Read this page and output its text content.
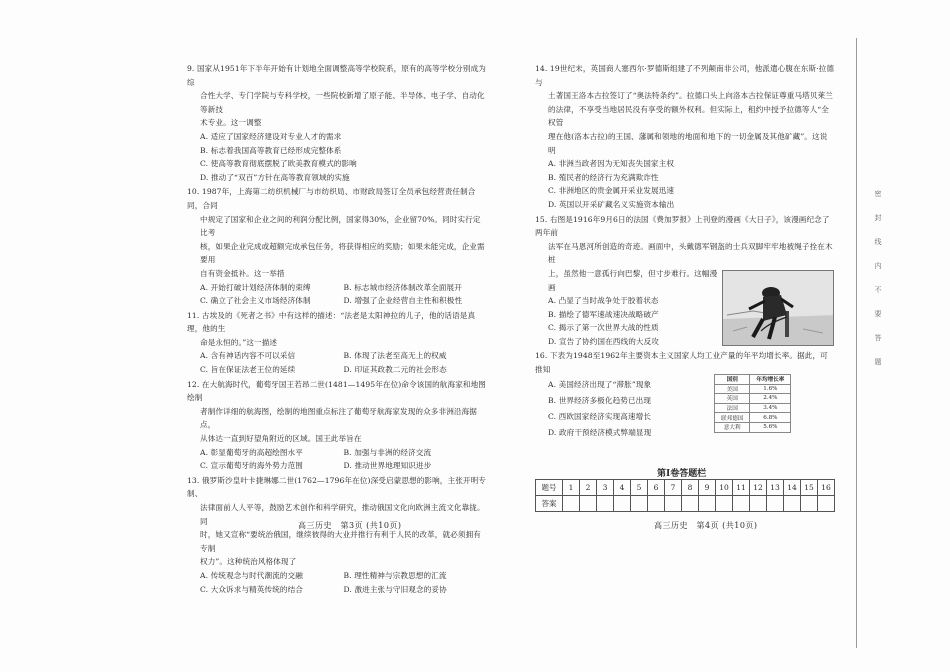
9. 国家从1951年下半年开始有计划地全面调整高等学校院系，原有的高等学校分别成为综
合性大学、专门学院与专科学校，一些院校新增了原子能、半导体、电子学、自动化等新技
术专业。这一调整
A. 适应了国家经济建设对专业人才的需求
B. 标志着我国高等教育已经形成完整体系
C. 使高等教育彻底摆脱了欧美教育模式的影响
D. 推动了“双百”方针在高等教育领域的实施
10. 1987年，上海第二纺织机械厂与市纺织局、市财政局签订全员承包经营责任制合同，合同
中规定了国家和企业之间的利润分配比例，国家得30%，企业留70%。同时实行定比考
核，如果企业完成或超额完成承包任务，将获得相应的奖励；如果未能完成，企业需要用
自有资金抵补。这一举措
A. 开始打破计划经济体制的束缚	B. 标志城市经济体制改革全面展开
C. 确立了社会主义市场经济体制	D. 增强了企业经营自主性和积极性
11. 古埃及的《死者之书》中有这样的描述：“法老是太阳神拉的儿子，他的话语是真理，他的生
命是永恒的。”这一描述
A. 含有神话内容不可以采信	B. 体现了法老至高无上的权威
C. 旨在保证法老王位的延续	D. 印证其政教二元的社会形态
12. 在大航海时代，葡萄牙国王若昂二世(1481—1495年在位)命令该国的航海家和地图绘制
者制作详细的航海图，绘制的地图重点标注了葡萄牙航海家发现的众多非洲沿海据点，
从体达一直到好望角附近的区域。国王此举旨在
A. 彰显葡萄牙的高超绘图水平	B. 加强与非洲的经济交流
C. 宣示葡萄牙的海外势力范围	D. 推动世界地理知识进步
13. 俄罗斯沙皇叶卡捷琳娜二世(1762—1796年在位)深受启蒙思想的影响，主张开明专制、
法律面前人人平等，鼓励艺术创作和科学研究，推动俄国文化向欧洲主流文化靠拢。同
时，她又宣称“要统治俄国，继续彼得的大业并推行有利于人民的改革，就必须拥有专制
权力”。这种统治风格体现了
A. 传统观念与时代潮流的交融	B. 理性精神与宗教思想的汇流
C. 大众诉求与精英传统的结合	D. 激进主张与守旧观念的妥协
高三历史　第3页 (共10页)
14. 19世纪末，英国商人塞西尔·罗德斯组建了不列颠南非公司，他派遣心腹在东斯·拉德与
土著国王洛本古拉签订了“奥法特条约”。拉德口头上向洛本古拉保证尊重马塔贝莱兰
的法律，不享受当地居民没有享受的额外权利。但实际上，租约中授予拉德等人“全权管
理在他(洛本古拉)的王国、藩属和领地的地面和地下的一切金属及其他矿藏”。这说明
A. 非洲当政者因为无知丧失国家主权
B. 殖民者的经济行为充满欺诈性
C. 非洲地区的贵金属开采业发展迅速
D. 英国以开采矿藏名义实施资本输出
15. 右图是1916年9月6日的法国《费加罗报》上刊登的漫画《大日子》，该漫画纪念了两年前
法军在马恩河所创造的奇迹。画面中，头戴德军钢盔的士兵双脚牢牢地被绳子拴在木桩
上，虽然他一意孤行向巴黎，但寸步难行。这幅漫画
A. 凸显了当时战争处于胶着状态
B. 描绘了德军速战速决战略破产
C. 揭示了第一次世界大战的性质
D. 宣告了协约国在西线的大反攻
16. 下表为1948至1962年主要资本主义国家人均工业产量的年平均增长率。据此，可推知
A. 美国经济出现了“滞胀”现象
B. 世界经济多极化趋势已出现
C. 西欧国家经济实现高速增长
D. 政府干预经济模式弊端显现
国别	年均增长率
美国	1.6%
英国	2.4%
法国	3.4%
联邦德国	6.8%
意大利	5.6%
第Ⅰ卷答题栏
题号	1	2	3	4	5	6	7	8	9	10	11	12	13	14	15	16
答案																
高三历史　第4页 (共10页)
密
封
线
内
不
要
答
题
